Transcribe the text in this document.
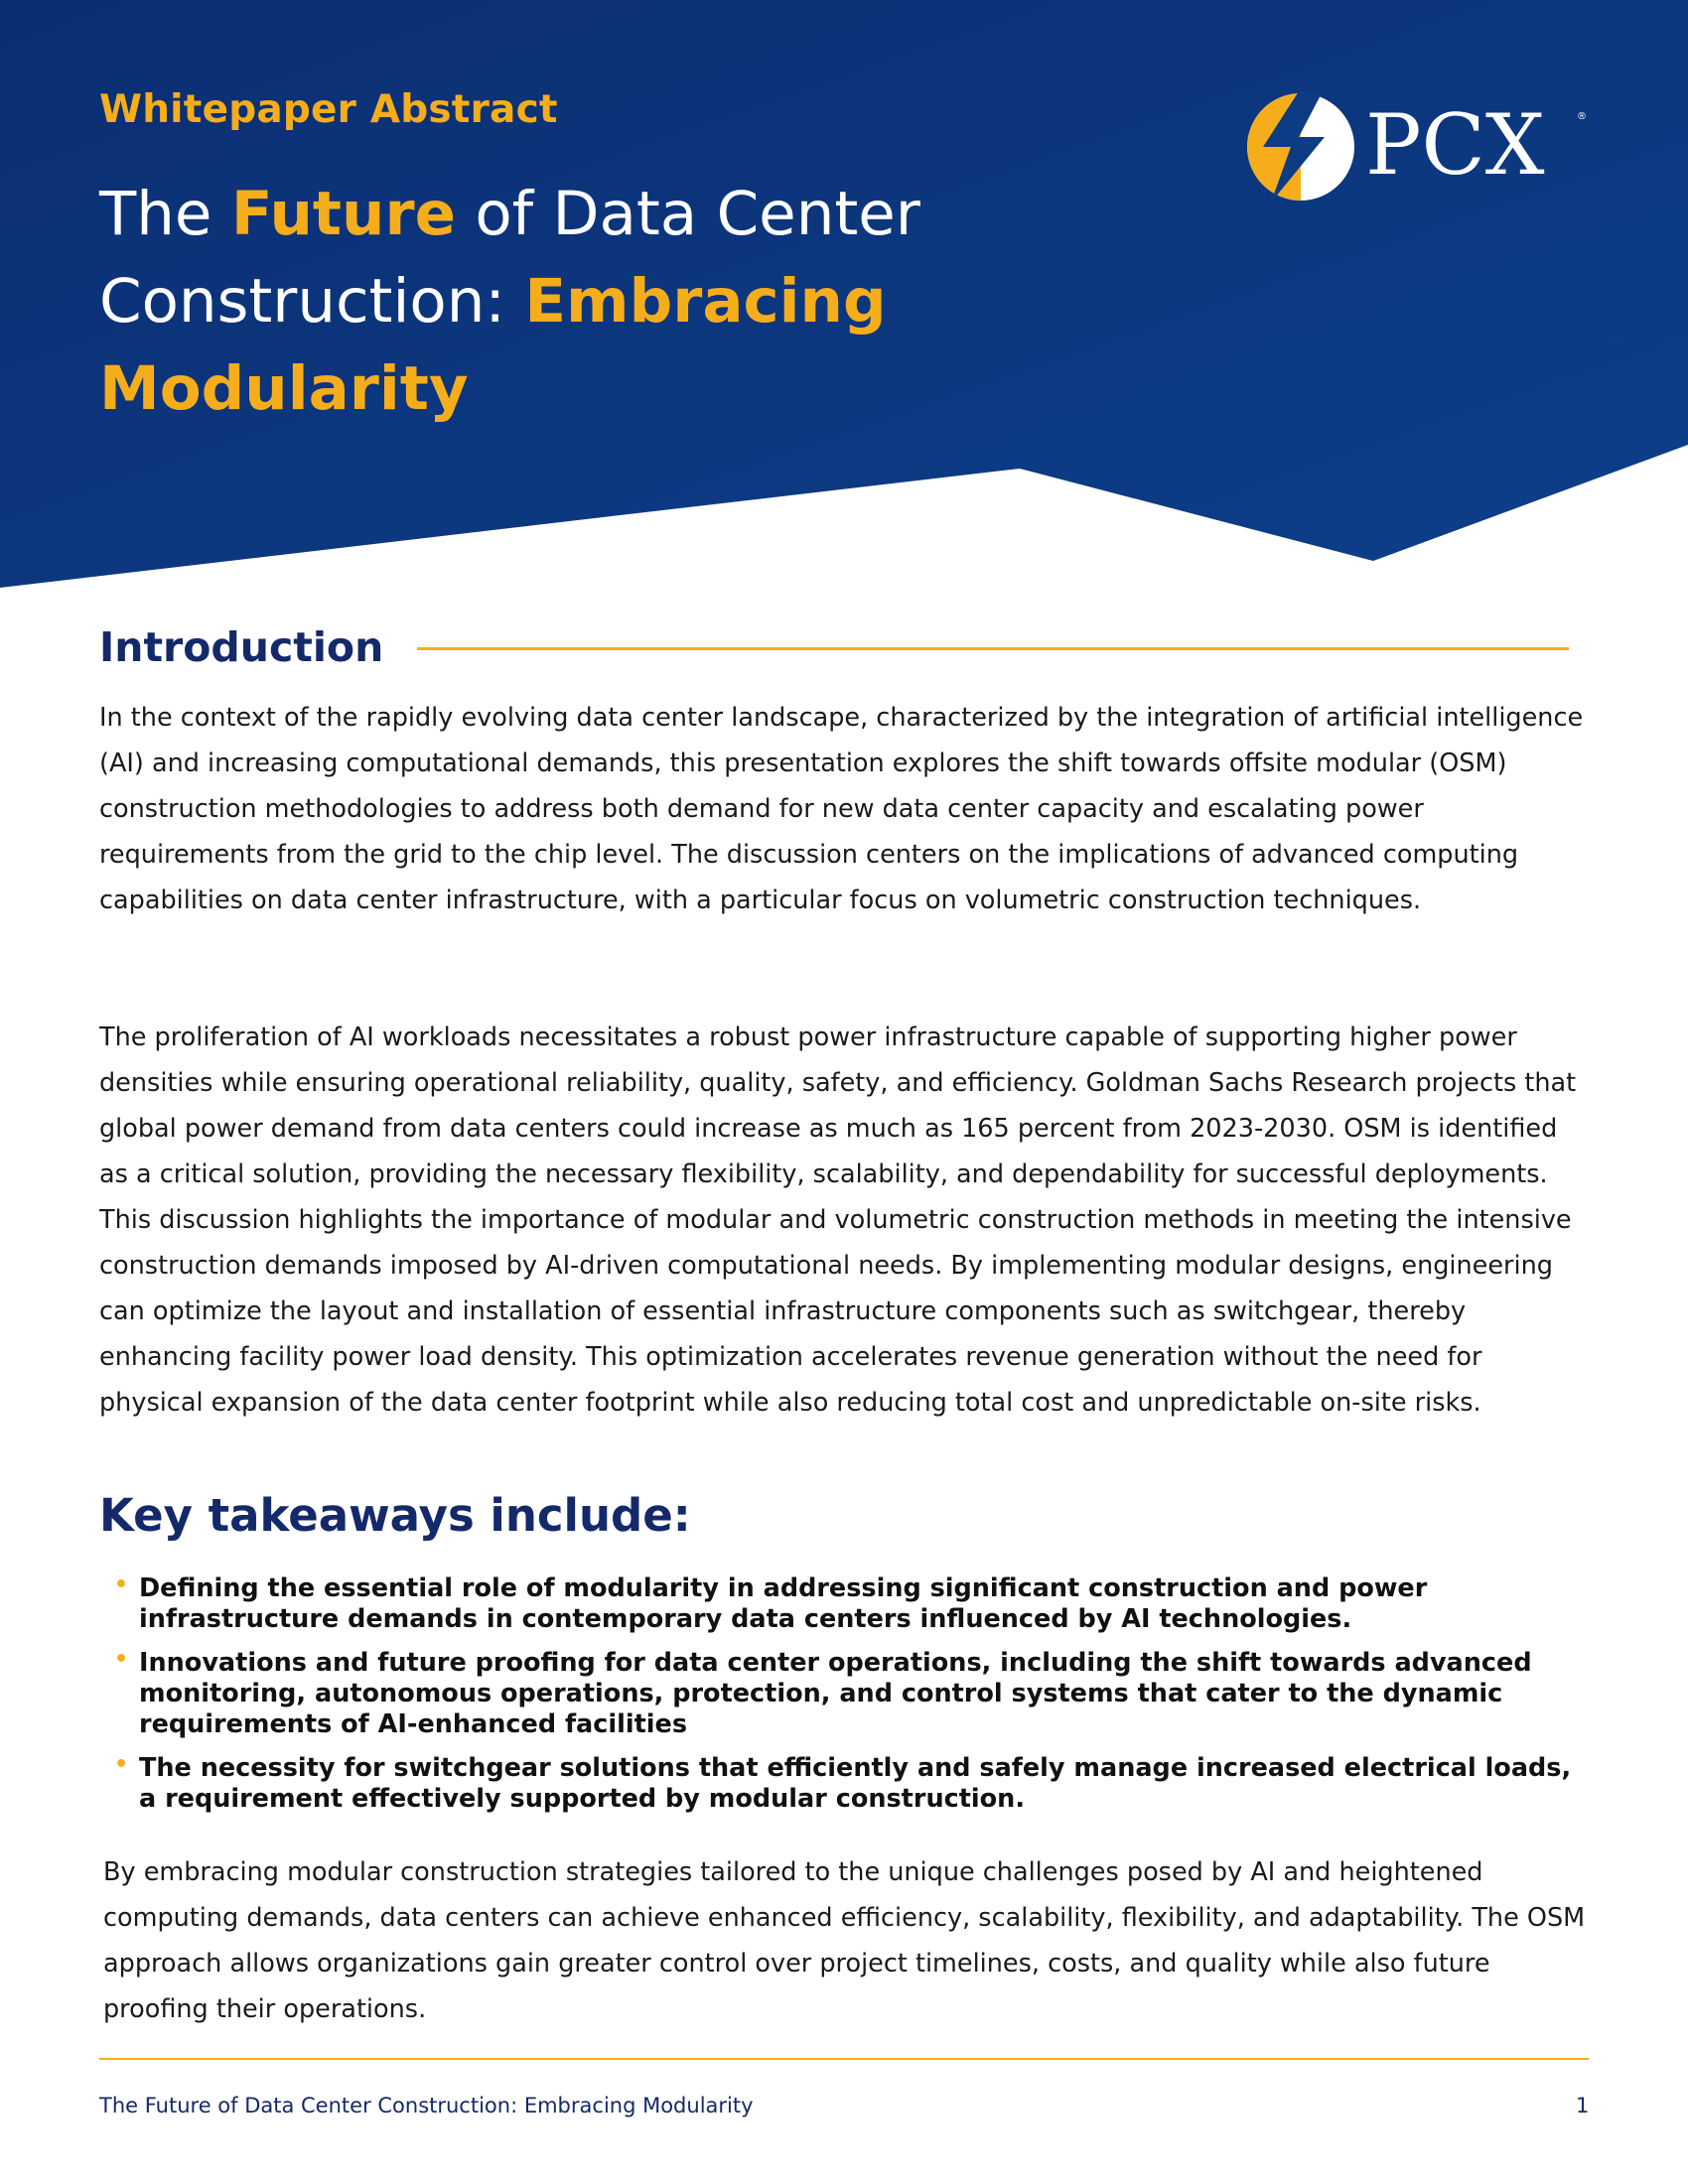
Whitepaper Abstract

The Future of Data Center Construction: Embracing Modularity
PCX	®
Introduction

In the context of the rapidly evolving data center landscape, characterized by the integration of artificial intelligence (AI) and increasing computational demands, this presentation explores the shift towards offsite modular (OSM) construction methodologies to address both demand for new data center capacity and escalating power requirements from the grid to the chip level. The discussion centers on the implications of advanced computing capabilities on data center infrastructure, with a particular focus on volumetric construction techniques.

The proliferation of AI workloads necessitates a robust power infrastructure capable of supporting higher power densities while ensuring operational reliability, quality, safety, and efficiency. Goldman Sachs Research projects that global power demand from data centers could increase as much as 165 percent from 2023-2030. OSM is identified as a critical solution, providing the necessary flexibility, scalability, and dependability for successful deployments. This discussion highlights the importance of modular and volumetric construction methods in meeting the intensive construction demands imposed by AI-driven computational needs. By implementing modular designs, engineering can optimize the layout and installation of essential infrastructure components such as switchgear, thereby enhancing facility power load density. This optimization accelerates revenue generation without the need for physical expansion of the data center footprint while also reducing total cost and unpredictable on-site risks.

Key takeaways include:
• Defining the essential role of modularity in addressing significant construction and power infrastructure demands in contemporary data centers influenced by AI technologies.
• Innovations and future proofing for data center operations, including the shift towards advanced monitoring, autonomous operations, protection, and control systems that cater to the dynamic requirements of AI-enhanced facilities
• The necessity for switchgear solutions that efficiently and safely manage increased electrical loads, a requirement effectively supported by modular construction.

By embracing modular construction strategies tailored to the unique challenges posed by AI and heightened computing demands, data centers can achieve enhanced efficiency, scalability, flexibility, and adaptability. The OSM approach allows organizations gain greater control over project timelines, costs, and quality while also future proofing their operations.

The Future of Data Center Construction: Embracing Modularity	1
